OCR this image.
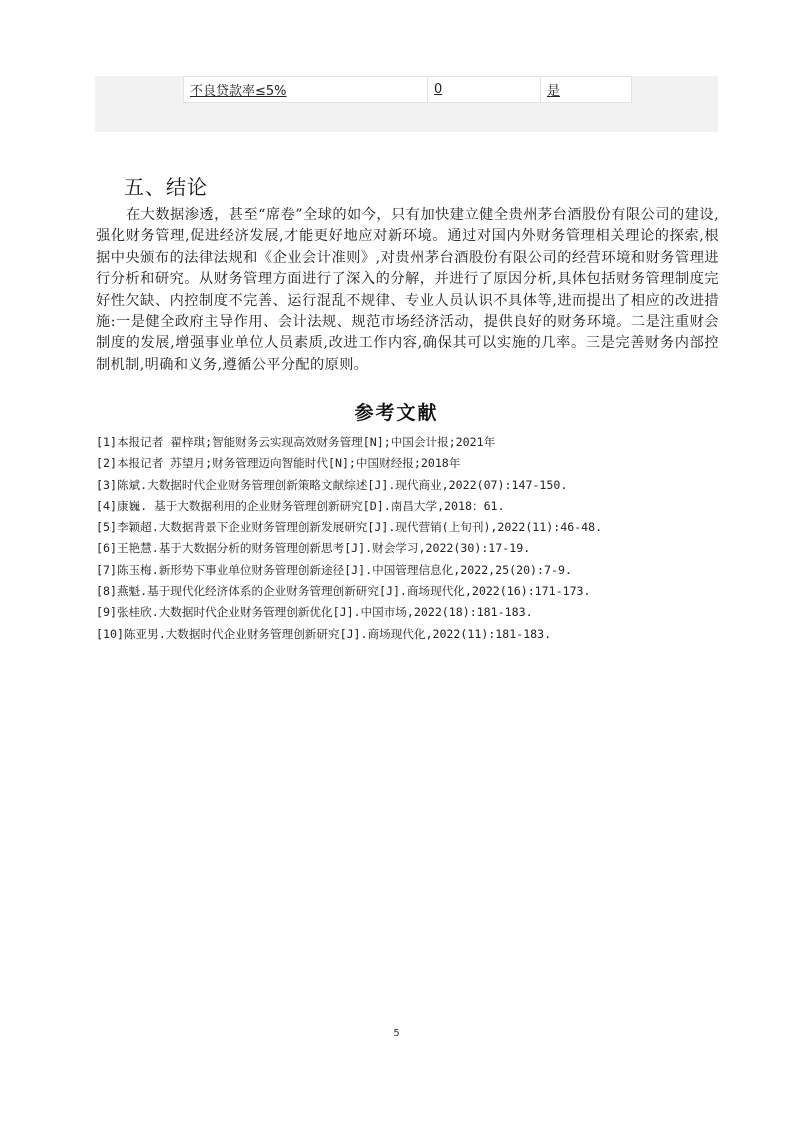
不良贷款率≤5%	0	是
五、结论

在大数据渗透，甚至“席卷”全球的如今，只有加快建立健全贵州茅台酒股份有限公司的建设,强化财务管理,促进经济发展,才能更好地应对新环境。通过对国内外财务管理相关理论的探索,根据中央颁布的法律法规和《企业会计准则》,对贵州茅台酒股份有限公司的经营环境和财务管理进行分析和研究。从财务管理方面进行了深入的分解，并进行了原因分析,具体包括财务管理制度完好性欠缺、内控制度不完善、运行混乱不规律、专业人员认识不具体等,进而提出了相应的改进措施:一是健全政府主导作用、会计法规、规范市场经济活动，提供良好的财务环境。二是注重财会制度的发展,增强事业单位人员素质,改进工作内容,确保其可以实施的几率。三是完善财务内部控制机制,明确和义务,遵循公平分配的原则。

参考文献
[1]本报记者 翟梓琪;智能财务云实现高效财务管理[N];中国会计报;2021年
[2]本报记者 苏望月;财务管理迈向智能时代[N];中国财经报;2018年
[3]陈斌.大数据时代企业财务管理创新策略文献综述[J].现代商业,2022(07):147-150.
[4]康巍. 基于大数据利用的企业财务管理创新研究[D].南昌大学,2018：61.
[5]李颖超.大数据背景下企业财务管理创新发展研究[J].现代营销(上旬刊),2022(11):46-48.
[6]王艳慧.基于大数据分析的财务管理创新思考[J].财会学习,2022(30):17-19.
[7]陈玉梅.新形势下事业单位财务管理创新途径[J].中国管理信息化,2022,25(20):7-9.
[8]燕魁.基于现代化经济体系的企业财务管理创新研究[J].商场现代化,2022(16):171-173.
[9]张桂欣.大数据时代企业财务管理创新优化[J].中国市场,2022(18):181-183.
[10]陈亚男.大数据时代企业财务管理创新研究[J].商场现代化,2022(11):181-183.
5
